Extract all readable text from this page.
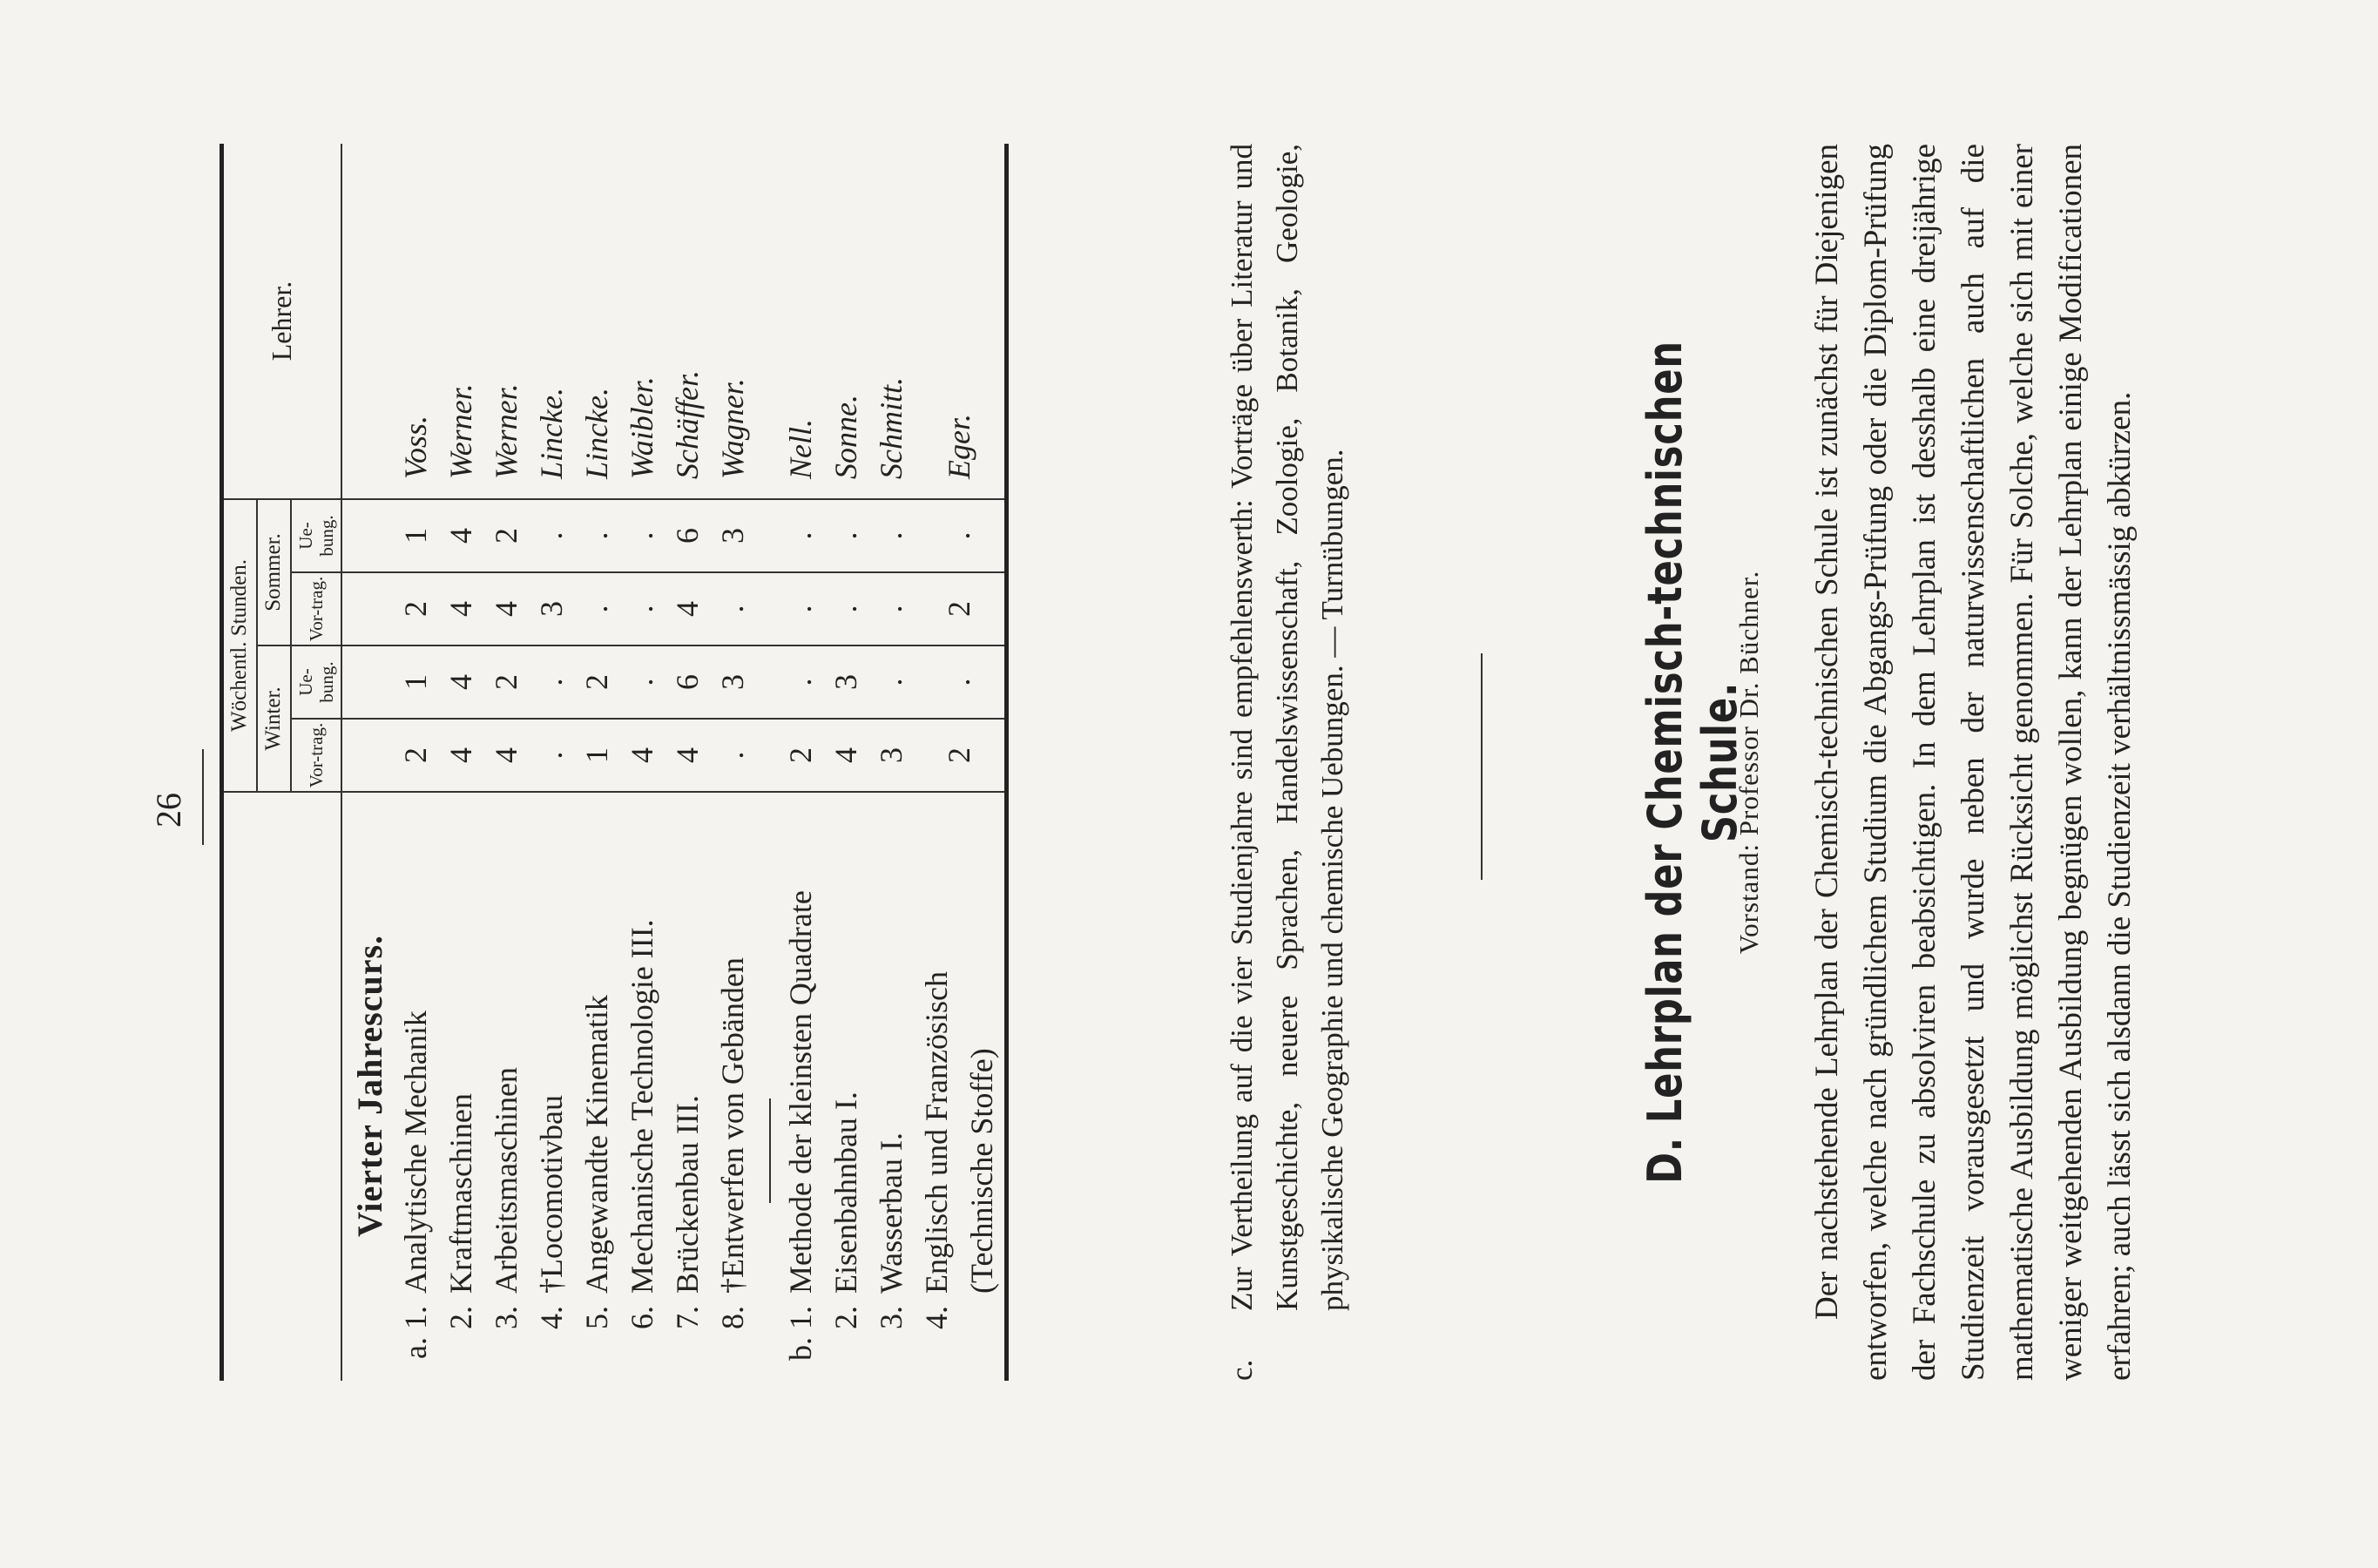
26
	Wöchentl. Stunden.				Lehrer.
	Winter.		Sommer.		
	Vor-trag.	Ue-bung.	Vor-trag.	Ue-bung.	
Vierter Jahrescurs.					
a. 1.Analytische Mechanik	2	1	2	1	Voss.
2.Kraftmaschinen	4	4	4	4	Werner.
3.Arbeitsmaschinen	4	2	4	2	Werner.
4.†Locomotivbau	.	.	3	.	Lincke.
5.Angewandte Kinematik	1	2	.	.	Lincke.
6.Mechanische Technologie III.	4	.	.	.	Waibler.
7.Brückenbau III.	4	6	4	6	Schäffer.
8.†Entwerfen von Gebänden	.	3	.	3	Wagner.

b. 1.Methode der kleinsten Quadrate	2	.	.	.	Nell.
2.Eisenbahnbau I.	4	3	.	.	Sonne.
3.Wasserbau I.	3	.	.	.	Schmitt.
4.Englisch und Französisch (Technische Stoffe)	2	.	2	.	Eger.
c.
Zur Vertheilung auf die vier Studienjahre sind empfehlenswerth: Vorträge über Literatur und Kunstgeschichte, neuere Sprachen, Handelswissenschaft, Zoologie, Botanik, Geologie, physikalische Geographie und chemische Uebungen. — Turnübungen.	D. Lehrplan der Chemisch-technischen Schule.
Vorstand: Professor Dr. Büchner. Der nachstehende Lehrplan der Chemisch-technischen Schule ist zunächst für Diejenigen entworfen, welche nach gründlichem Studium die Abgangs-Prüfung oder die Diplom-Prüfung der Fachschule zu absolviren beabsichtigen. In dem Lehrplan ist desshalb eine dreijährige Studienzeit vorausgesetzt und wurde neben der naturwissenschaftlichen auch auf die mathematische Ausbildung möglichst Rücksicht genommen. Für Solche, welche sich mit einer weniger weitgehenden Ausbildung begnügen wollen, kann der Lehrplan einige Modificationen erfahren; auch lässt sich alsdann die Studienzeit verhältnissmässig abkürzen.
